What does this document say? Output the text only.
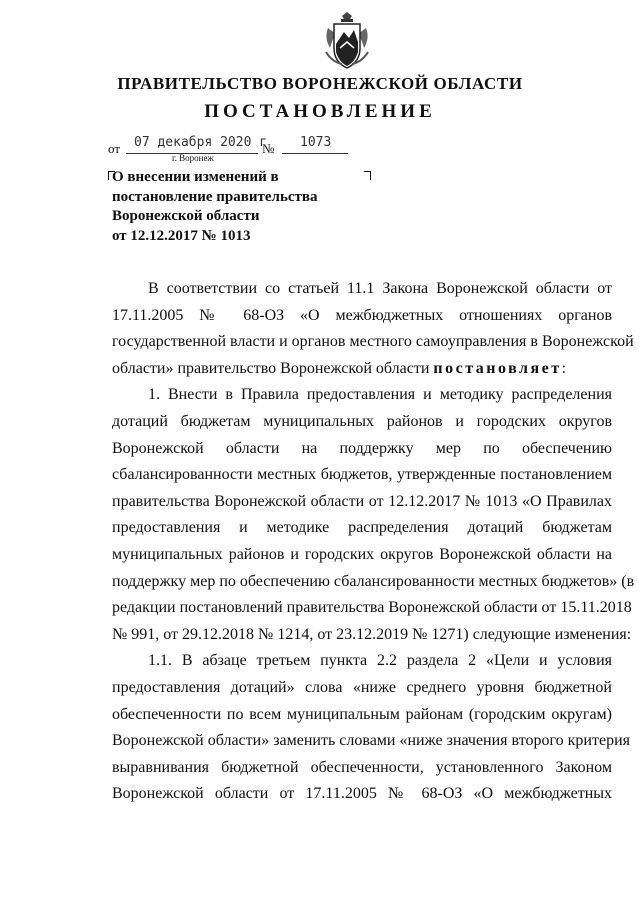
ПРАВИТЕЛЬСТВО ВОРОНЕЖСКОЙ ОБЛАСТИ
ПОСТАНОВЛЕНИЕ
от 07 декабря 2020 г
№ 1073
г. Воронеж
О внесении изменений в
постановление правительства
Воронежской области
от 12.12.2017 № 1013
В соответствии со статьей 11.1 Закона Воронежской области от
17.11.2005 № 68-ОЗ «О межбюджетных отношениях органов
государственной власти и органов местного самоуправления в Воронежской
области» правительство Воронежской области постановляет:
1. Внести в Правила предоставления и методику распределения
дотаций бюджетам муниципальных районов и городских округов
Воронежской области на поддержку мер по обеспечению
сбалансированности местных бюджетов, утвержденные постановлением
правительства Воронежской области от 12.12.2017 № 1013 «О Правилах
предоставления и методике распределения дотаций бюджетам
муниципальных районов и городских округов Воронежской области на
поддержку мер по обеспечению сбалансированности местных бюджетов» (в
редакции постановлений правительства Воронежской области от 15.11.2018
№ 991, от 29.12.2018 № 1214, от 23.12.2019 № 1271) следующие изменения:
1.1. В абзаце третьем пункта 2.2 раздела 2 «Цели и условия
предоставления дотаций» слова «ниже среднего уровня бюджетной
обеспеченности по всем муниципальным районам (городским округам)
Воронежской области» заменить словами «ниже значения второго критерия
выравнивания бюджетной обеспеченности, установленного Законом
Воронежской области от 17.11.2005 № 68-ОЗ «О межбюджетных
